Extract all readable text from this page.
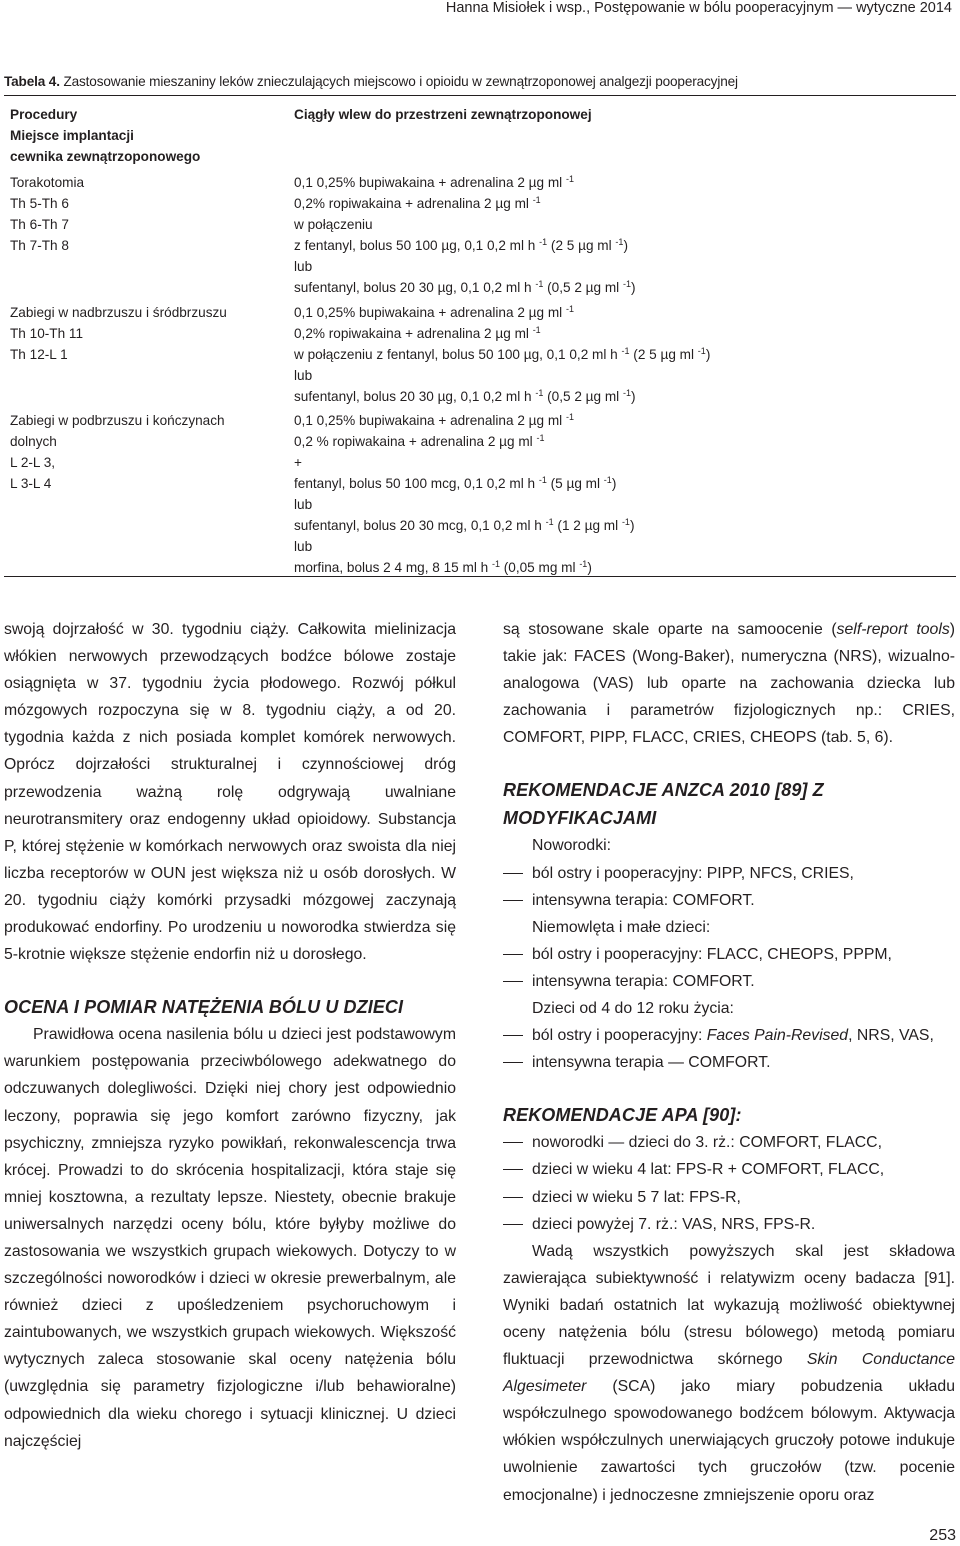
Hanna Misiołek i wsp., Postępowanie w bólu pooperacyjnym — wytyczne 2014
Tabela 4. Zastosowanie mieszaniny leków znieczulających miejscowo i opioidu w zewnątrzoponowej analgezji pooperacyjnej
Procedury
Miejsce implantacji
cewnika zewnątrzoponowego
Ciągły wlew do przestrzeni zewnątrzoponowej
Torakotomia
Th 5-Th 6
Th 6-Th 7
Th 7-Th 8
0,1 0,25% bupiwakaina + adrenalina 2 µg ml $^{-1}$
0,2% ropiwakaina + adrenalina 2 µg ml $^{-1}$
w połączeniu
z fentanyl, bolus 50 100 µg, 0,1 0,2 ml h $^{-1}$ (2 5 µg ml $^{-1}$)
lub
sufentanyl, bolus 20 30 µg, 0,1 0,2 ml h $^{-1}$ (0,5 2 µg ml $^{-1}$)
Zabiegi w nadbrzuszu i śródbrzuszu
Th 10-Th 11
Th 12-L 1
0,1 0,25% bupiwakaina + adrenalina 2 µg ml $^{-1}$
0,2% ropiwakaina + adrenalina 2 µg ml $^{-1}$
w połączeniu z fentanyl, bolus 50 100 µg, 0,1 0,2 ml h $^{-1}$ (2 5 µg ml $^{-1}$)
lub
sufentanyl, bolus 20 30 µg, 0,1 0,2 ml h $^{-1}$ (0,5 2 µg ml $^{-1}$)
Zabiegi w podbrzuszu i kończynach
dolnych
L 2-L 3,
L 3-L 4
0,1 0,25% bupiwakaina + adrenalina 2 µg ml $^{-1}$
0,2 % ropiwakaina + adrenalina 2 µg ml $^{-1}$
+
fentanyl, bolus 50 100 mcg, 0,1 0,2 ml h $^{-1}$ (5 µg ml $^{-1}$)
lub
sufentanyl, bolus 20 30 mcg, 0,1 0,2 ml h $^{-1}$ (1 2 µg ml $^{-1}$)
lub
morfina, bolus 2 4 mg, 8 15 ml h $^{-1}$ (0,05 mg ml $^{-1}$)

swoją dojrzałość w 30. tygodniu ciąży. Całkowita mielinizacja włókien nerwowych przewodzących bodźce bólowe zostaje osiągnięta w 37. tygodniu życia płodowego. Rozwój półkul mózgowych rozpoczyna się w 8. tygodniu ciąży, a od 20. tygodnia każda z nich posiada komplet komórek nerwowych. Oprócz dojrzałości strukturalnej i czynnościowej dróg przewodzenia ważną rolę odgrywają uwalniane neurotransmitery oraz endogenny układ opioidowy. Substancja P, której stężenie w komórkach nerwowych oraz swoista dla niej liczba receptorów w OUN jest większa niż u osób dorosłych. W 20. tygodniu ciąży komórki przysadki mózgowej zaczynają produkować endorfiny. Po urodzeniu u noworodka stwierdza się 5-krotnie większe stężenie endorfin niż u dorosłego.

OCENA I POMIAR NATĘŻENIA BÓLU U DZIECI

Prawidłowa ocena nasilenia bólu u dzieci jest podstawowym warunkiem postępowania przeciwbólowego adekwatnego do odczuwanych dolegliwości. Dzięki niej chory jest odpowiednio leczony, poprawia się jego komfort zarówno fizyczny, jak psychiczny, zmniejsza ryzyko powikłań, rekonwalescencja trwa krócej. Prowadzi to do skrócenia hospitalizacji, która staje się mniej kosztowna, a rezultaty lepsze. Niestety, obecnie brakuje uniwersalnych narzędzi oceny bólu, które byłyby możliwe do zastosowania we wszystkich grupach wiekowych. Dotyczy to w szczególności noworodków i dzieci w okresie prewerbalnym, ale również dzieci z upośledzeniem psychoruchowym i zaintubowanych, we wszystkich grupach wiekowych. Większość wytycznych zaleca stosowanie skal oceny natężenia bólu (uwzględnia się parametry fizjologiczne i/lub behawioralne) odpowiednich dla wieku chorego i sytuacji klinicznej. U dzieci najczęściej

są stosowane skale oparte na samoocenie (self-report tools) takie jak: FACES (Wong-Baker), numeryczna (NRS), wizualno-analogowa (VAS) lub oparte na zachowania dziecka lub zachowania i parametrów fizjologicznych np.: CRIES, COMFORT, PIPP, FLACC, CRIES, CHEOPS (tab. 5, 6).

REKOMENDACJE ANZCA 2010 [89] Z MODYFIKACJAMI
Noworodki:
ból ostry i pooperacyjny: PIPP, NFCS, CRIES,
intensywna terapia: COMFORT.
Niemowlęta i małe dzieci:
ból ostry i pooperacyjny: FLACC, CHEOPS, PPPM,
intensywna terapia: COMFORT.
Dzieci od 4 do 12 roku życia:
ból ostry i pooperacyjny: Faces Pain-Revised, NRS, VAS,
intensywna terapia — COMFORT.
REKOMENDACJE APA [90]:
noworodki — dzieci do 3. rż.: COMFORT, FLACC,
dzieci w wieku 4 lat: FPS-R + COMFORT, FLACC,
dzieci w wieku 5 7 lat: FPS-R,
dzieci powyżej 7. rż.: VAS, NRS, FPS-R.

Wadą wszystkich powyższych skal jest składowa zawierająca subiektywność i relatywizm oceny badacza [91]. Wyniki badań ostatnich lat wykazują możliwość obiektywnej oceny natężenia bólu (stresu bólowego) metodą pomiaru fluktuacji przewodnictwa skórnego Skin Conductance Algesimeter (SCA) jako miary pobudzenia układu współczulnego spowodowanego bodźcem bólowym. Aktywacja włókien współczulnych unerwiających gruczoły potowe indukuje uwolnienie zawartości tych gruczołów (tzw. pocenie emocjonalne) i jednoczesne zmniejszenie oporu oraz

253
